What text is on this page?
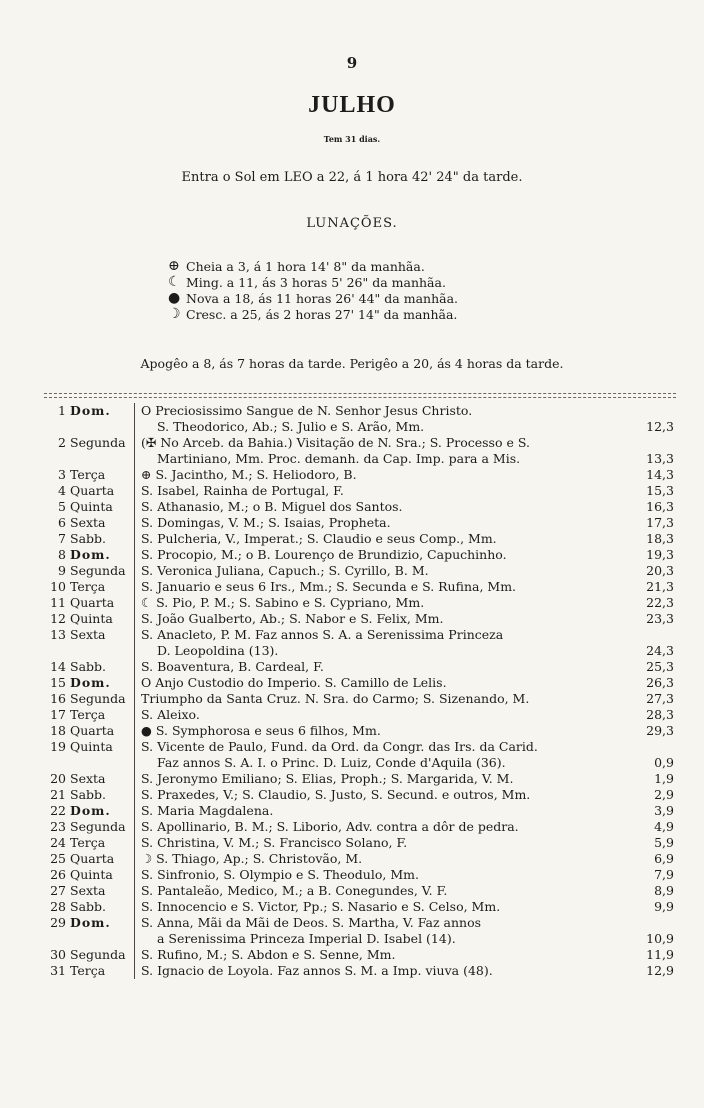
9
JULHO
Tem 31 dias.
Entra o Sol em LEO a 22, á 1 hora 42' 24" da tarde.
LUNAÇÕES.
⊕ Cheia a 3, á 1 hora 14' 8" da manhãa.
☾ Ming. a 11, ás 3 horas 5' 26" da manhãa.
● Nova a 18, ás 11 horas 26' 44" da manhãa.
☽ Cresc. a 25, ás 2 horas 27' 14" da manhãa.
Apogêo a 8, ás 7 horas da tarde. Perigêo a 20, ás 4 horas da tarde.
1	Dom.	O Preciosissimo Sangue de N. Senhor Jesus Christo.
S. Theodorico, Ab.; S. Julio e S. Arão, Mm.	12,3
2	Segunda	(✠ No Arceb. da Bahia.) Visitação de N. Sra.; S. Processo e S.
Martiniano, Mm. Proc. demanh. da Cap. Imp. para a Mis.	13,3
3	Terça	⊕ S. Jacintho, M.; S. Heliodoro, B.	14,3
4	Quarta	S. Isabel, Rainha de Portugal, F.	15,3
5	Quinta	S. Athanasio, M.; o B. Miguel dos Santos.	16,3
6	Sexta	S. Domingas, V. M.; S. Isaias, Propheta.	17,3
7	Sabb.	S. Pulcheria, V., Imperat.; S. Claudio e seus Comp., Mm.	18,3
8	Dom.	S. Procopio, M.; o B. Lourenço de Brundizio, Capuchinho.	19,3
9	Segunda	S. Veronica Juliana, Capuch.; S. Cyrillo, B. M.	20,3
10	Terça	S. Januario e seus 6 Irs., Mm.; S. Secunda e S. Rufina, Mm.	21,3
11	Quarta	☾ S. Pio, P. M.; S. Sabino e S. Cypriano, Mm.	22,3
12	Quinta	S. João Gualberto, Ab.; S. Nabor e S. Felix, Mm.	23,3
13	Sexta	S. Anacleto, P. M. Faz annos S. A. a Serenissima Princeza
D. Leopoldina (13).	24,3
14	Sabb.	S. Boaventura, B. Cardeal, F.	25,3
15	Dom.	O Anjo Custodio do Imperio. S. Camillo de Lelis.	26,3
16	Segunda	Triumpho da Santa Cruz. N. Sra. do Carmo; S. Sizenando, M.	27,3
17	Terça	S. Aleixo.	28,3
18	Quarta	● S. Symphorosa e seus 6 filhos, Mm.	29,3
19	Quinta	S. Vicente de Paulo, Fund. da Ord. da Congr. das Irs. da Carid.
Faz annos S. A. I. o Princ. D. Luiz, Conde d'Aquila (36).	0,9
20	Sexta	S. Jeronymo Emiliano; S. Elias, Proph.; S. Margarida, V. M.	1,9
21	Sabb.	S. Praxedes, V.; S. Claudio, S. Justo, S. Secund. e outros, Mm.	2,9
22	Dom.	S. Maria Magdalena.	3,9
23	Segunda	S. Apollinario, B. M.; S. Liborio, Adv. contra a dôr de pedra.	4,9
24	Terça	S. Christina, V. M.; S. Francisco Solano, F.	5,9
25	Quarta	☽ S. Thiago, Ap.; S. Christovão, M.	6,9
26	Quinta	S. Sinfronio, S. Olympio e S. Theodulo, Mm.	7,9
27	Sexta	S. Pantaleão, Medico, M.; a B. Conegundes, V. F.	8,9
28	Sabb.	S. Innocencio e S. Victor, Pp.; S. Nasario e S. Celso, Mm.	9,9
29	Dom.	S. Anna, Mãi da Mãi de Deos. S. Martha, V. Faz annos
a Serenissima Princeza Imperial D. Isabel (14).	10,9
30	Segunda	S. Rufino, M.; S. Abdon e S. Senne, Mm.	11,9
31	Terça	S. Ignacio de Loyola. Faz annos S. M. a Imp. viuva (48).	12,9
